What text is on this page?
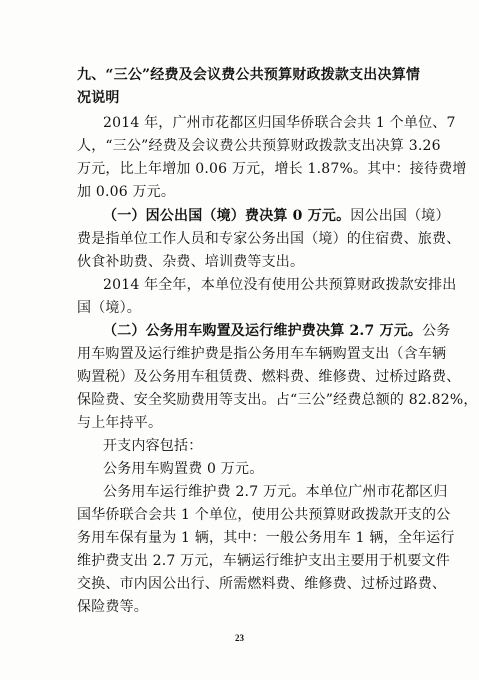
九、“三公”经费及会议费公共预算财政拨款支出决算情
况说明
2014 年，广州市花都区归国华侨联合会共 1 个单位、7
人，“三公”经费及会议费公共预算财政拨款支出决算 3.26
万元，比上年增加 0.06 万元，增长 1.87%。其中：接待费增
加 0.06 万元。
（一）因公出国（境）费决算 0 万元。因公出国（境）
费是指单位工作人员和专家公务出国（境）的住宿费、旅费、
伙食补助费、杂费、培训费等支出。
2014 年全年，本单位没有使用公共预算财政拨款安排出
国（境）。
（二）公务用车购置及运行维护费决算 2.7 万元。公务
用车购置及运行维护费是指公务用车车辆购置支出（含车辆
购置税）及公务用车租赁费、燃料费、维修费、过桥过路费、
保险费、安全奖励费用等支出。占“三公”经费总额的 82.82%，
与上年持平。
开支内容包括：
公务用车购置费 0 万元。
公务用车运行维护费 2.7 万元。本单位广州市花都区归
国华侨联合会共 1 个单位，使用公共预算财政拨款开支的公
务用车保有量为 1 辆，其中：一般公务用车 1 辆，全年运行
维护费支出 2.7 万元，车辆运行维护支出主要用于机要文件
交换、市内因公出行、所需燃料费、维修费、过桥过路费、
保险费等。
23
